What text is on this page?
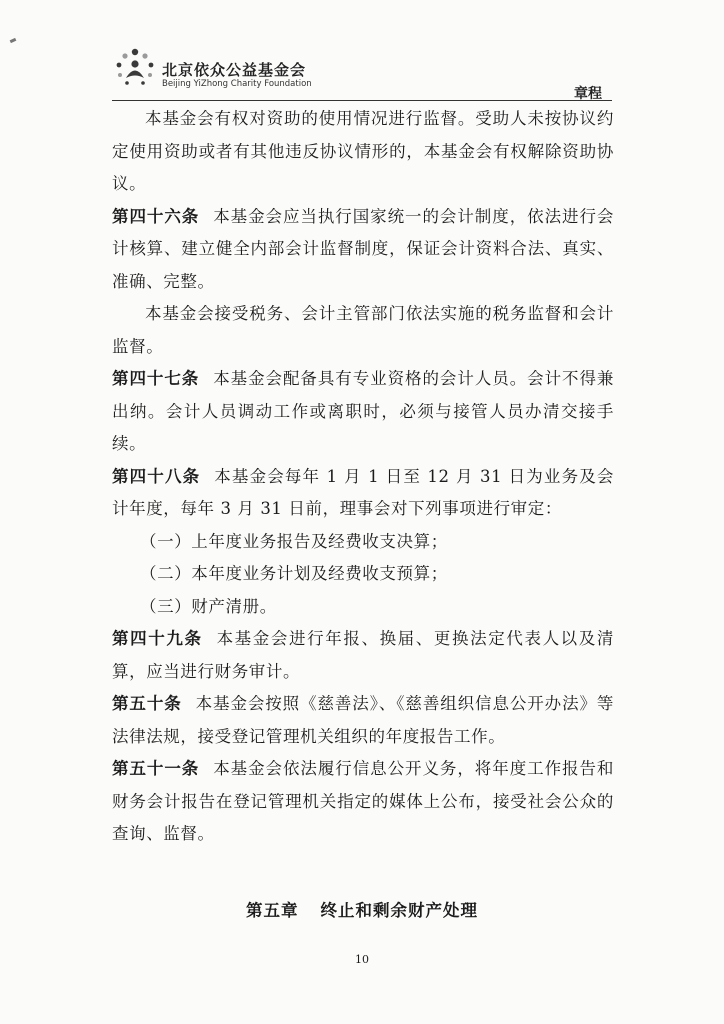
北京依众公益基金会
Beijing YiZhong Charity Foundation
章程

本基金会有权对资助的使用情况进行监督。受助人未按协议约定使用资助或者有其他违反协议情形的，本基金会有权解除资助协议。

第四十六条 本基金会应当执行国家统一的会计制度，依法进行会计核算、建立健全内部会计监督制度，保证会计资料合法、真实、准确、完整。

本基金会接受税务、会计主管部门依法实施的税务监督和会计监督。

第四十七条 本基金会配备具有专业资格的会计人员。会计不得兼出纳。会计人员调动工作或离职时，必须与接管人员办清交接手续。

第四十八条 本基金会每年 1 月 1 日至 12 月 31 日为业务及会计年度，每年 3 月 31 日前，理事会对下列事项进行审定：

（一）上年度业务报告及经费收支决算；

（二）本年度业务计划及经费收支预算；

（三）财产清册。

第四十九条 本基金会进行年报、换届、更换法定代表人以及清算，应当进行财务审计。

第五十条 本基金会按照《慈善法》、《慈善组织信息公开办法》等法律法规，接受登记管理机关组织的年度报告工作。

第五十一条 本基金会依法履行信息公开义务，将年度工作报告和财务会计报告在登记管理机关指定的媒体上公布，接受社会公众的查询、监督。

第五章 终止和剩余财产处理
10
